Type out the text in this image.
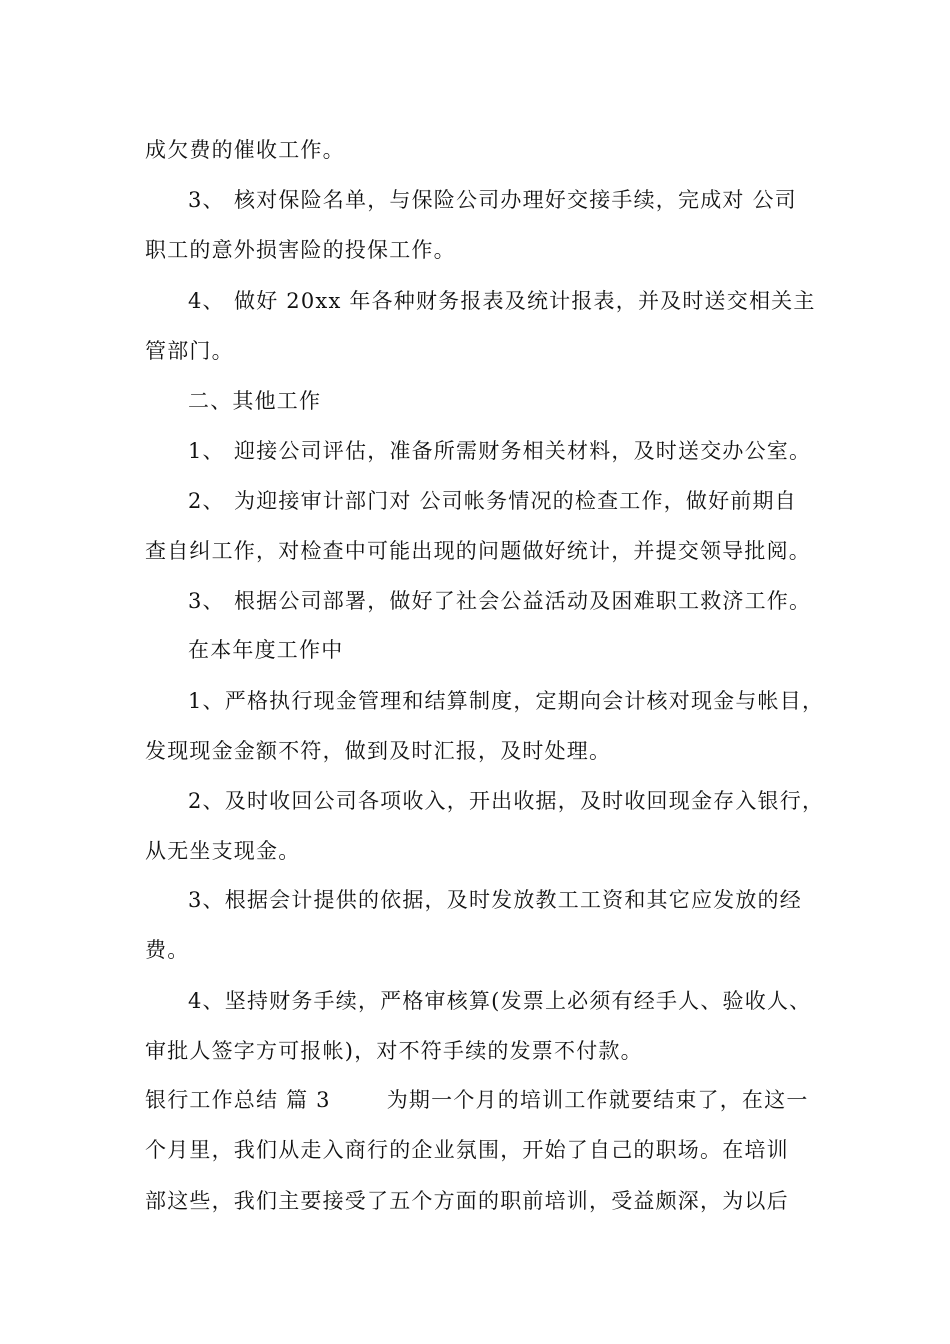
成欠费的催收工作。
3、 核对保险名单，与保险公司办理好交接手续，完成对 公司
职工的意外损害险的投保工作。
4、 做好 20xx 年各种财务报表及统计报表，并及时送交相关主
管部门。
二、其他工作
1、 迎接公司评估，准备所需财务相关材料，及时送交办公室。
2、 为迎接审计部门对 公司帐务情况的检查工作，做好前期自
查自纠工作，对检查中可能出现的问题做好统计，并提交领导批阅。
3、 根据公司部署，做好了社会公益活动及困难职工救济工作。
在本年度工作中
1、严格执行现金管理和结算制度，定期向会计核对现金与帐目，
发现现金金额不符，做到及时汇报，及时处理。
2、及时收回公司各项收入，开出收据，及时收回现金存入银行，
从无坐支现金。
3、根据会计提供的依据，及时发放教工工资和其它应发放的经
费。
4、坚持财务手续，严格审核算(发票上必须有经手人、验收人、
审批人签字方可报帐)，对不符手续的发票不付款。
银行工作总结 篇 3	为期一个月的培训工作就要结束了，在这一
个月里，我们从走入商行的企业氛围，开始了自己的职场。在培训
部这些，我们主要接受了五个方面的职前培训，受益颇深，为以后
